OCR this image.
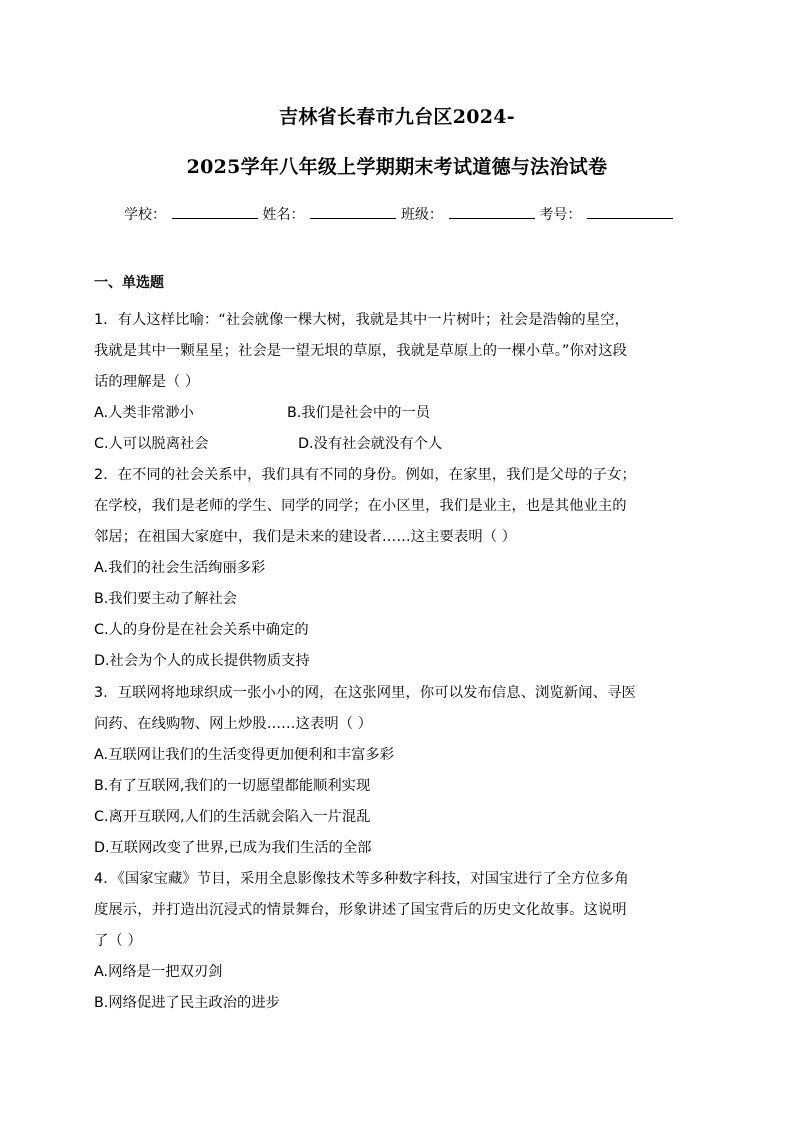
吉林省长春市九台区2024-
2025学年八年级上学期期末考试道德与法治试卷
学校：	姓名：	班级：	考号：
一、单选题
1．有人这样比喻：“社会就像一棵大树，我就是其中一片树叶；社会是浩翰的星空，
我就是其中一颗星星；社会是一望无垠的草原，我就是草原上的一棵小草。”你对这段
话的理解是（ ）
A.人类非常渺小	B.我们是社会中的一员
C.人可以脱离社会	D.没有社会就没有个人
2．在不同的社会关系中，我们具有不同的身份。例如，在家里，我们是父母的子女；
在学校，我们是老师的学生、同学的同学；在小区里，我们是业主，也是其他业主的
邻居；在祖国大家庭中，我们是未来的建设者……这主要表明（ ）
A.我们的社会生活绚丽多彩
B.我们要主动了解社会
C.人的身份是在社会关系中确定的
D.社会为个人的成长提供物质支持
3．互联网将地球织成一张小小的网，在这张网里，你可以发布信息、浏览新闻、寻医
问药、在线购物、网上炒股……这表明（ ）
A.互联网让我们的生活变得更加便利和丰富多彩
B.有了互联网,我们的一切愿望都能顺利实现
C.离开互联网,人们的生活就会陷入一片混乱
D.互联网改变了世界,已成为我们生活的全部
4．《国家宝藏》节目，采用全息影像技术等多种数字科技，对国宝进行了全方位多角
度展示，并打造出沉浸式的情景舞台，形象讲述了国宝背后的历史文化故事。这说明
了（ ）
A.网络是一把双刃剑
B.网络促进了民主政治的进步
